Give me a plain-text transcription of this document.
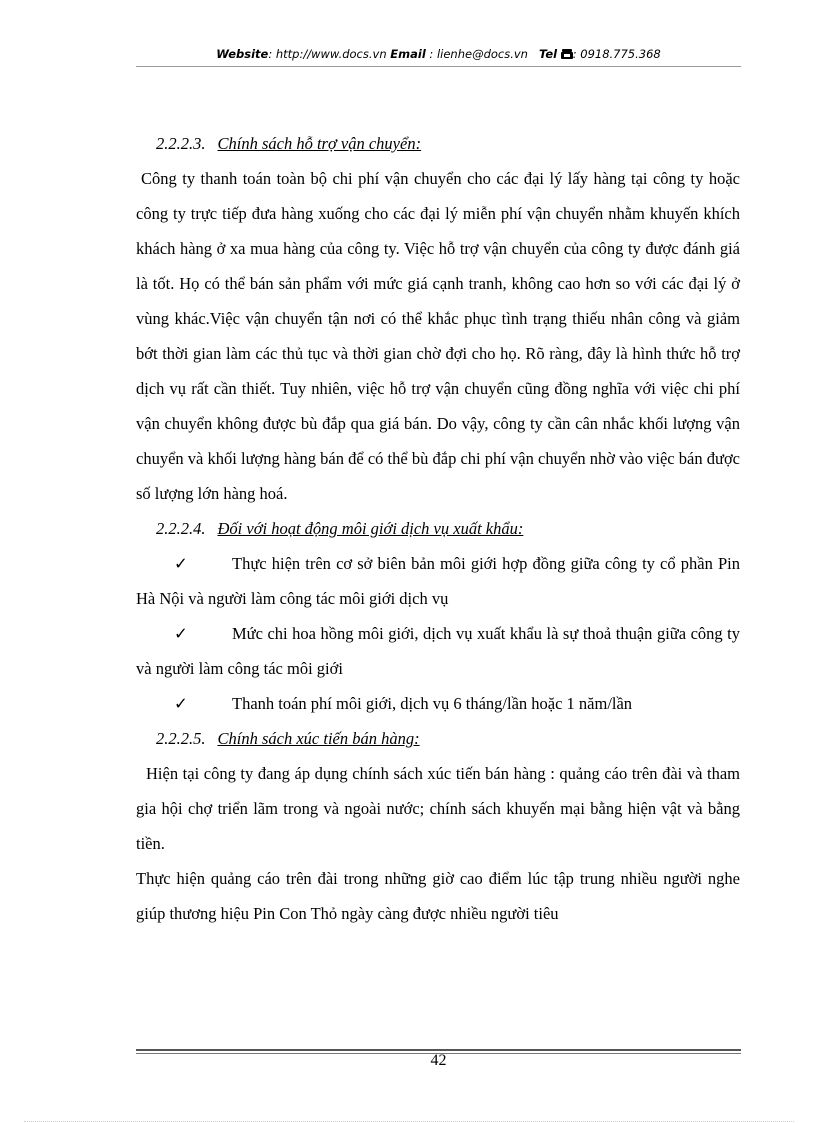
Website: http://www.docs.vn Email : lienhe@docs.vn Tel : 0918.775.368

2.2.2.3. Chính sách hỗ trợ vận chuyển:

Công ty thanh toán toàn bộ chi phí vận chuyển cho các đại lý lấy hàng tại công ty hoặc công ty trực tiếp đưa hàng xuống cho các đại lý miễn phí vận chuyển nhằm khuyến khích khách hàng ở xa mua hàng của công ty. Việc hỗ trợ vận chuyển của công ty được đánh giá là tốt. Họ có thể bán sản phẩm với mức giá cạnh tranh, không cao hơn so với các đại lý ở vùng khác.Việc vận chuyển tận nơi có thể khắc phục tình trạng thiếu nhân công và giảm bớt thời gian làm các thủ tục và thời gian chờ đợi cho họ. Rõ ràng, đây là hình thức hỗ trợ dịch vụ rất cần thiết. Tuy nhiên, việc hỗ trợ vận chuyển cũng đồng nghĩa với việc chi phí vận chuyển không được bù đắp qua giá bán. Do vậy, công ty cần cân nhắc khối lượng vận chuyển và khối lượng hàng bán để có thể bù đắp chi phí vận chuyển nhờ vào việc bán được số lượng lớn hàng hoá.

2.2.2.4. Đối với hoạt động môi giới dịch vụ xuất khẩu:

✓	Thực hiện trên cơ sở biên bản môi giới hợp đồng giữa công ty cổ phần Pin Hà Nội và người làm công tác môi giới dịch vụ

✓	Mức chi hoa hồng môi giới, dịch vụ xuất khẩu là sự thoả thuận giữa công ty và người làm công tác môi giới

✓	Thanh toán phí môi giới, dịch vụ 6 tháng/lần hoặc 1 năm/lần

2.2.2.5. Chính sách xúc tiến bán hàng:

Hiện tại công ty đang áp dụng chính sách xúc tiến bán hàng : quảng cáo trên đài và tham gia hội chợ triển lãm trong và ngoài nước; chính sách khuyến mại bằng hiện vật và bằng tiền.

Thực hiện quảng cáo trên đài trong những giờ cao điểm lúc tập trung nhiều người nghe giúp thương hiệu Pin Con Thỏ ngày càng được nhiều người tiêu

42
